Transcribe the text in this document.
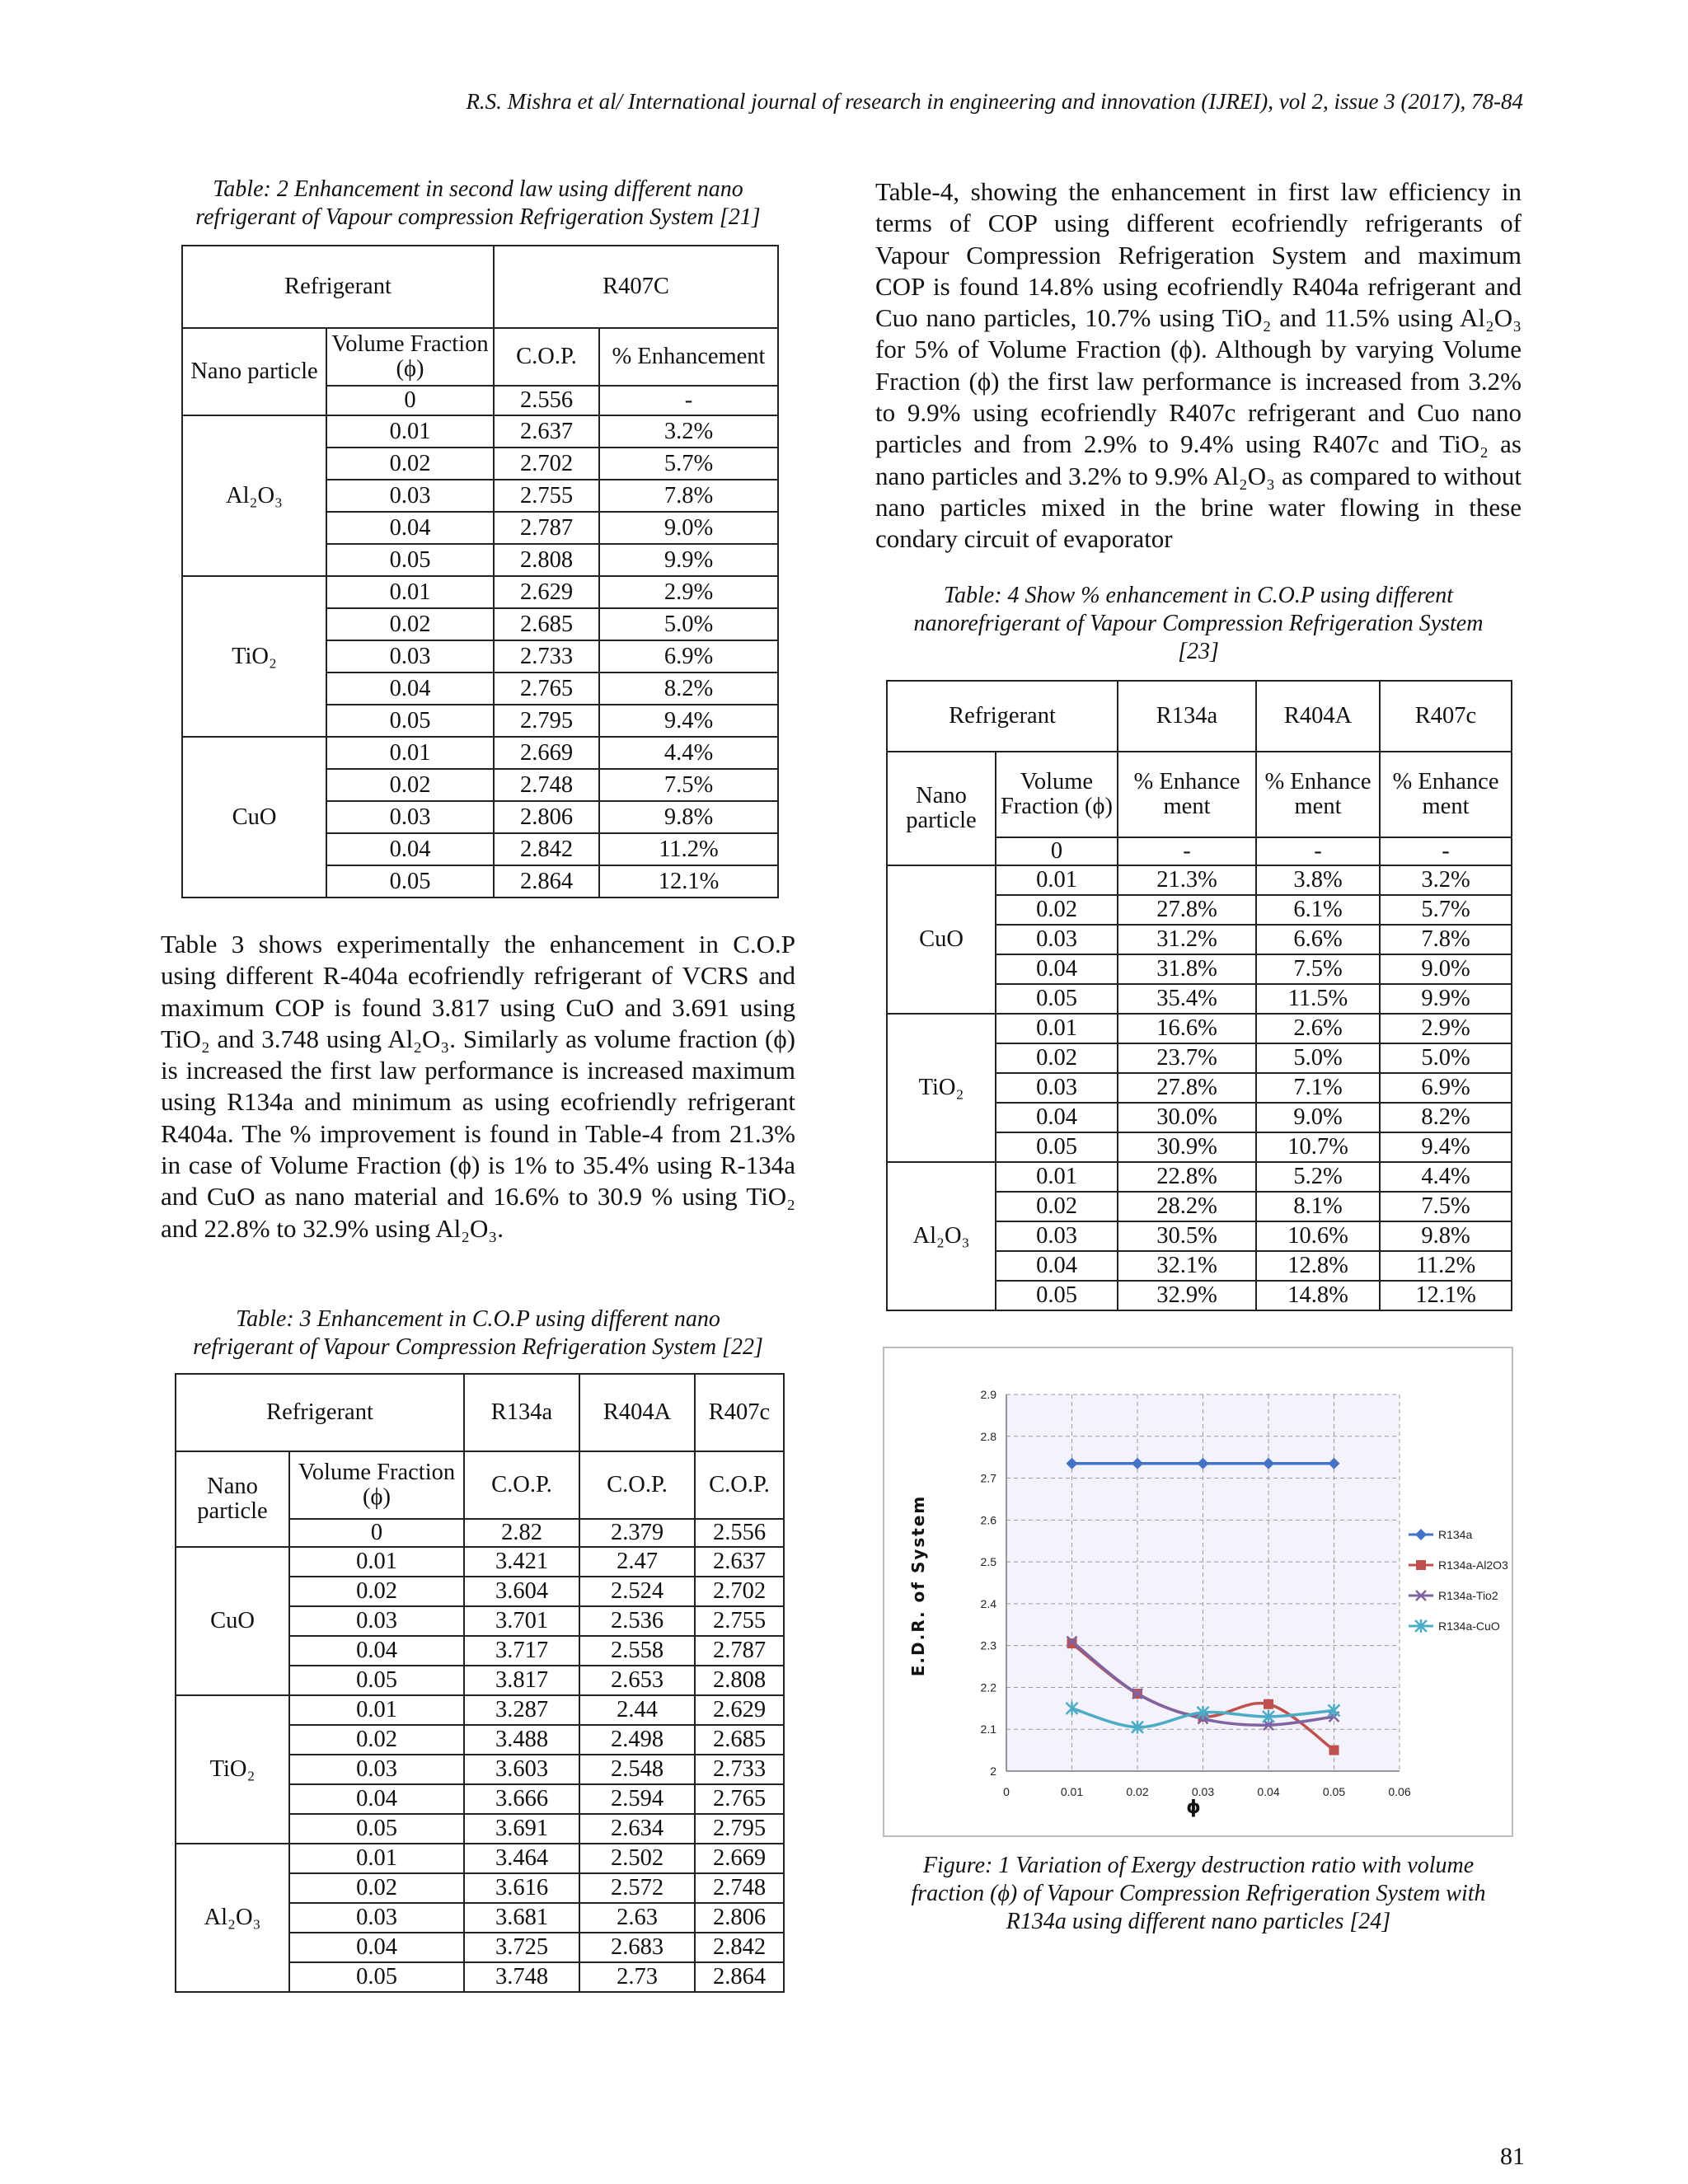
R.S. Mishra et al/ International journal of research in engineering and innovation (IJREI), vol 2, issue 3 (2017), 78-84
Table: 2 Enhancement in second law using different nano
refrigerant of Vapour compression Refrigeration System [21]
Refrigerant		R407C	
Nano particle	Volume Fraction (ϕ)	C.O.P.	% Enhancement
	0	2.556	-
Al₂O₃	0.01	2.637	3.2%
	0.02	2.702	5.7%
	0.03	2.755	7.8%
	0.04	2.787	9.0%
	0.05	2.808	9.9%
TiO₂	0.01	2.629	2.9%
	0.02	2.685	5.0%
	0.03	2.733	6.9%
	0.04	2.765	8.2%
	0.05	2.795	9.4%
CuO	0.01	2.669	4.4%
	0.02	2.748	7.5%
	0.03	2.806	9.8%
	0.04	2.842	11.2%
	0.05	2.864	12.1%
Table 3 shows experimentally the enhancement in C.O.P using different R-404a ecofriendly refrigerant of VCRS and maximum COP is found 3.817 using CuO and 3.691 using TiO₂ and 3.748 using Al₂O₃. Similarly as volume fraction (ϕ) is increased the first law performance is increased maximum using R134a and minimum as using ecofriendly refrigerant R404a. The % improvement is found in Table-4 from 21.3% in case of Volume Fraction (ϕ) is 1% to 35.4% using R-134a and CuO as nano material and 16.6% to 30.9 % using TiO₂ and 22.8% to 32.9% using Al₂O₃.
Table: 3 Enhancement in C.O.P using different nano
refrigerant of Vapour Compression Refrigeration System [22]
Refrigerant		R134a	R404A	R407c
Nano particle	Volume Fraction (ϕ)	C.O.P.	C.O.P.	C.O.P.
	0	2.82	2.379	2.556
CuO	0.01	3.421	2.47	2.637
	0.02	3.604	2.524	2.702
	0.03	3.701	2.536	2.755
	0.04	3.717	2.558	2.787
	0.05	3.817	2.653	2.808
TiO₂	0.01	3.287	2.44	2.629
	0.02	3.488	2.498	2.685
	0.03	3.603	2.548	2.733
	0.04	3.666	2.594	2.765
	0.05	3.691	2.634	2.795
Al₂O₃	0.01	3.464	2.502	2.669
	0.02	3.616	2.572	2.748
	0.03	3.681	2.63	2.806
	0.04	3.725	2.683	2.842
	0.05	3.748	2.73	2.864
Table-4, showing the enhancement in first law efficiency in terms of COP using different ecofriendly refrigerants of Vapour Compression Refrigeration System and maximum COP is found 14.8% using ecofriendly R404a refrigerant and Cuo nano particles, 10.7% using TiO₂ and 11.5% using Al₂O₃ for 5% of Volume Fraction (ϕ). Although by varying Volume Fraction (ϕ) the first law performance is increased from 3.2% to 9.9% using ecofriendly R407c refrigerant and Cuo nano particles and from 2.9% to 9.4% using R407c and TiO₂ as nano particles and 3.2% to 9.9% Al₂O₃ as compared to without nano particles mixed in the brine water flowing in these condary circuit of evaporator
Table: 4 Show % enhancement in C.O.P using different
nanorefrigerant of Vapour Compression Refrigeration System
[23]
Refrigerant		R134a	R404A	R407c
Nano particle	Volume Fraction (ϕ)	% Enhance ment	% Enhance ment	% Enhance ment
	0	-	-	-
CuO	0.01	21.3%	3.8%	3.2%
	0.02	27.8%	6.1%	5.7%
	0.03	31.2%	6.6%	7.8%
	0.04	31.8%	7.5%	9.0%
	0.05	35.4%	11.5%	9.9%
TiO₂	0.01	16.6%	2.6%	2.9%
	0.02	23.7%	5.0%	5.0%
	0.03	27.8%	7.1%	6.9%
	0.04	30.0%	9.0%	8.2%
	0.05	30.9%	10.7%	9.4%
Al₂O₃	0.01	22.8%	5.2%	4.4%
	0.02	28.2%	8.1%	7.5%
	0.03	30.5%	10.6%	9.8%
	0.04	32.1%	12.8%	11.2%
	0.05	32.9%	14.8%	12.1%
E.D.R. of System
ϕ
2
2.1
2.2
2.3
2.4
2.5
2.6
2.7
2.8
2.9
0	0.01	0.02	0.03	0.04	0.05	0.06
R134a
R134a-Al2O3
R134a-Tio2
R134a-CuO
Figure: 1 Variation of Exergy destruction ratio with volume
fraction (ϕ) of Vapour Compression Refrigeration System with
R134a using different nano particles [24]
81
